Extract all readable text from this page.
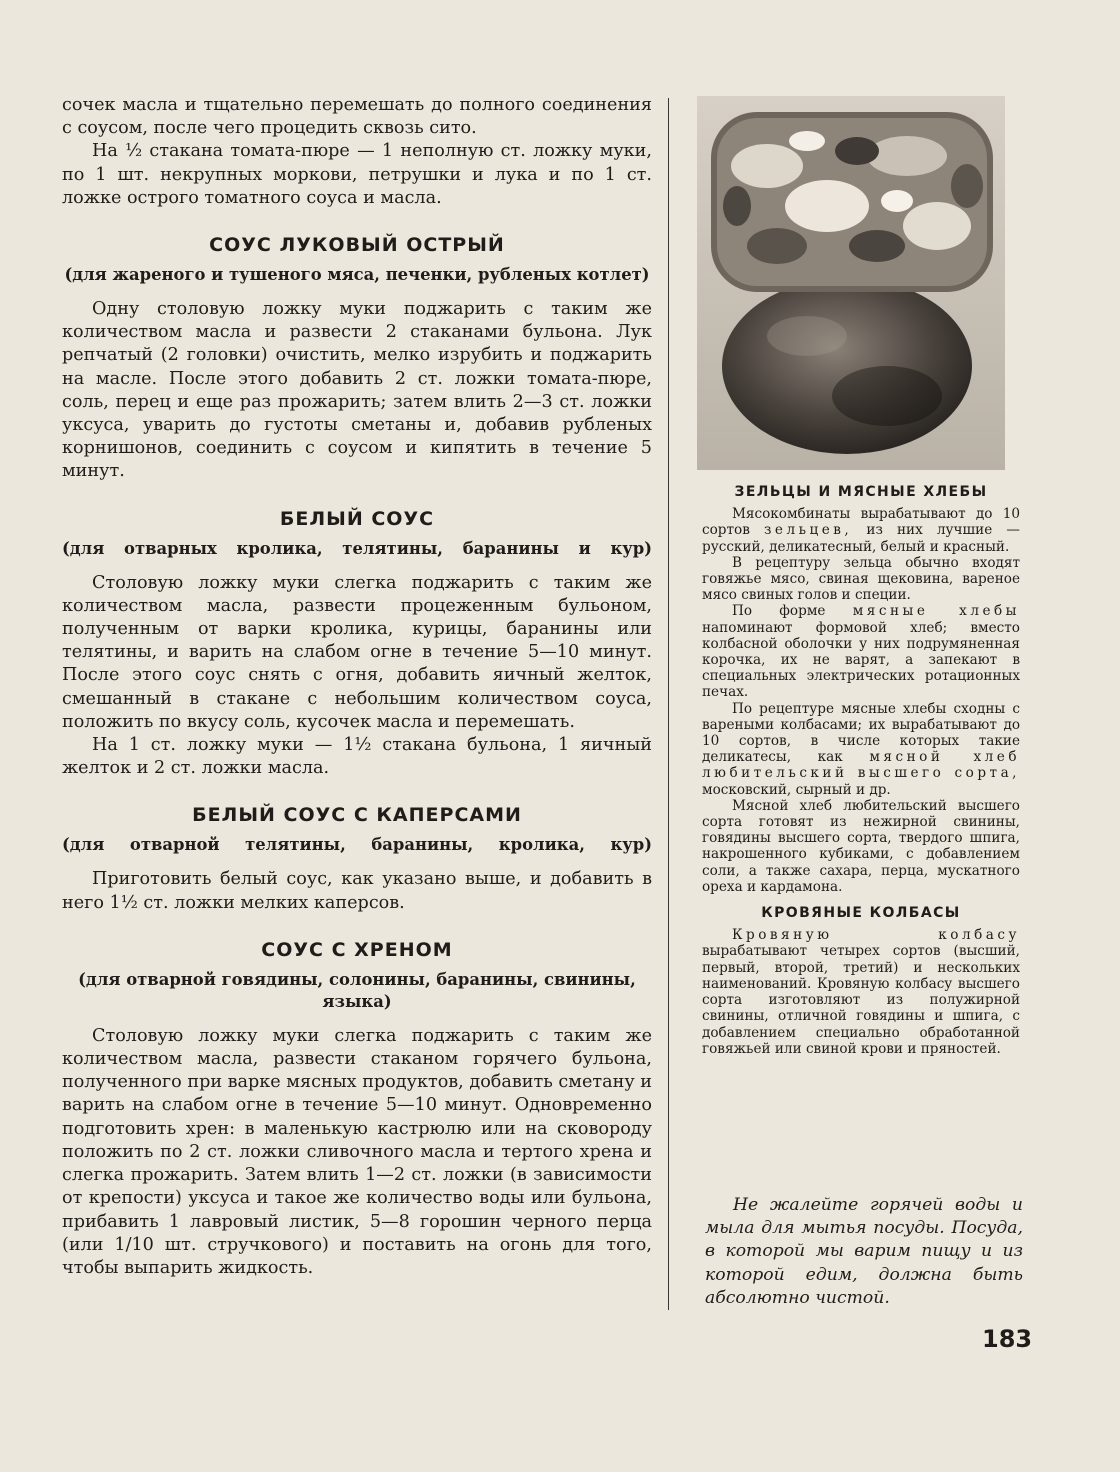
сочек масла и тщательно перемешать до полного соединения с соусом, после чего процедить сквозь сито.

На ½ стакана томата-пюре — 1 неполную ст. ложку муки, по 1 шт. некрупных моркови, петрушки и лука и по 1 ст. ложке острого томатного соуса и масла.

СОУС ЛУКОВЫЙ ОСТРЫЙ
(для жареного и тушеного мяса, печенки, рубленых котлет)

Одну столовую ложку муки поджарить с таким же количеством масла и развести 2 стаканами бульона. Лук репчатый (2 головки) очистить, мелко изрубить и поджарить на масле. После этого добавить 2 ст. ложки томата-пюре, соль, перец и еще раз прожарить; затем влить 2—3 ст. ложки уксуса, уварить до густоты сметаны и, добавив рубленых корнишонов, соединить с соусом и кипятить в течение 5 минут.

БЕЛЫЙ СОУС
(для отварных кролика, телятины, баранины и кур)

Столовую ложку муки слегка поджарить с таким же количеством масла, развести процеженным бульоном, полученным от варки кролика, курицы, баранины или телятины, и варить на слабом огне в течение 5—10 минут. После этого соус снять с огня, добавить яичный желток, смешанный в стакане с небольшим количеством соуса, положить по вкусу соль, кусочек масла и перемешать.

На 1 ст. ложку муки — 1½ стакана бульона, 1 яичный желток и 2 ст. ложки масла.

БЕЛЫЙ СОУС С КАПЕРСАМИ
(для отварной телятины, баранины, кролика, кур)

Приготовить белый соус, как указано выше, и добавить в него 1½ ст. ложки мелких каперсов.

СОУС С ХРЕНОМ
(для отварной говядины, солонины, баранины, свинины, языка)

Столовую ложку муки слегка поджарить с таким же количеством масла, развести стаканом горячего бульона, полученного при варке мясных продуктов, добавить сметану и варить на слабом огне в течение 5—10 минут. Одновременно подготовить хрен: в маленькую кастрюлю или на сковороду положить по 2 ст. ложки сливочного масла и тертого хрена и слегка прожарить. Затем влить 1—2 ст. ложки (в зависимости от крепости) уксуса и такое же количество воды или бульона, прибавить 1 лавровый листик, 5—8 горошин черного перца (или 1/10 шт. стручкового) и поставить на огонь для того, чтобы выпарить жидкость.

ЗЕЛЬЦЫ И МЯСНЫЕ ХЛЕБЫ

Мясокомбинаты вырабатывают до 10 сортов зельцев, из них лучшие — русский, деликатесный, белый и красный.

В рецептуру зельца обычно входят говяжье мясо, свиная щековина, вареное мясо свиных голов и специи.

По форме мясные хлебы напоминают формовой хлеб; вместо колбасной оболочки у них подрумяненная корочка, их не варят, а запекают в специальных электрических ротационных печах.

По рецептуре мясные хлебы сходны с вареными колбасами; их вырабатывают до 10 сортов, в числе которых такие деликатесы, как мясной хлеб любительский высшего сорта, московский, сырный и др.

Мясной хлеб любительский высшего сорта готовят из нежирной свинины, говядины высшего сорта, твердого шпига, накрошенного кубиками, с добавлением соли, а также сахара, перца, мускатного ореха и кардамона.

КРОВЯНЫЕ КОЛБАСЫ

Кровяную колбасу вырабатывают четырех сортов (высший, первый, второй, третий) и нескольких наименований. Кровяную колбасу высшего сорта изготовляют из полужирной свинины, отличной говядины и шпига, с добавлением специально обработанной говяжьей или свиной крови и пряностей.

Не жалейте горячей воды и мыла для мытья посуды. Посуда, в которой мы варим пищу и из которой едим, должна быть абсолютно чистой.
183
